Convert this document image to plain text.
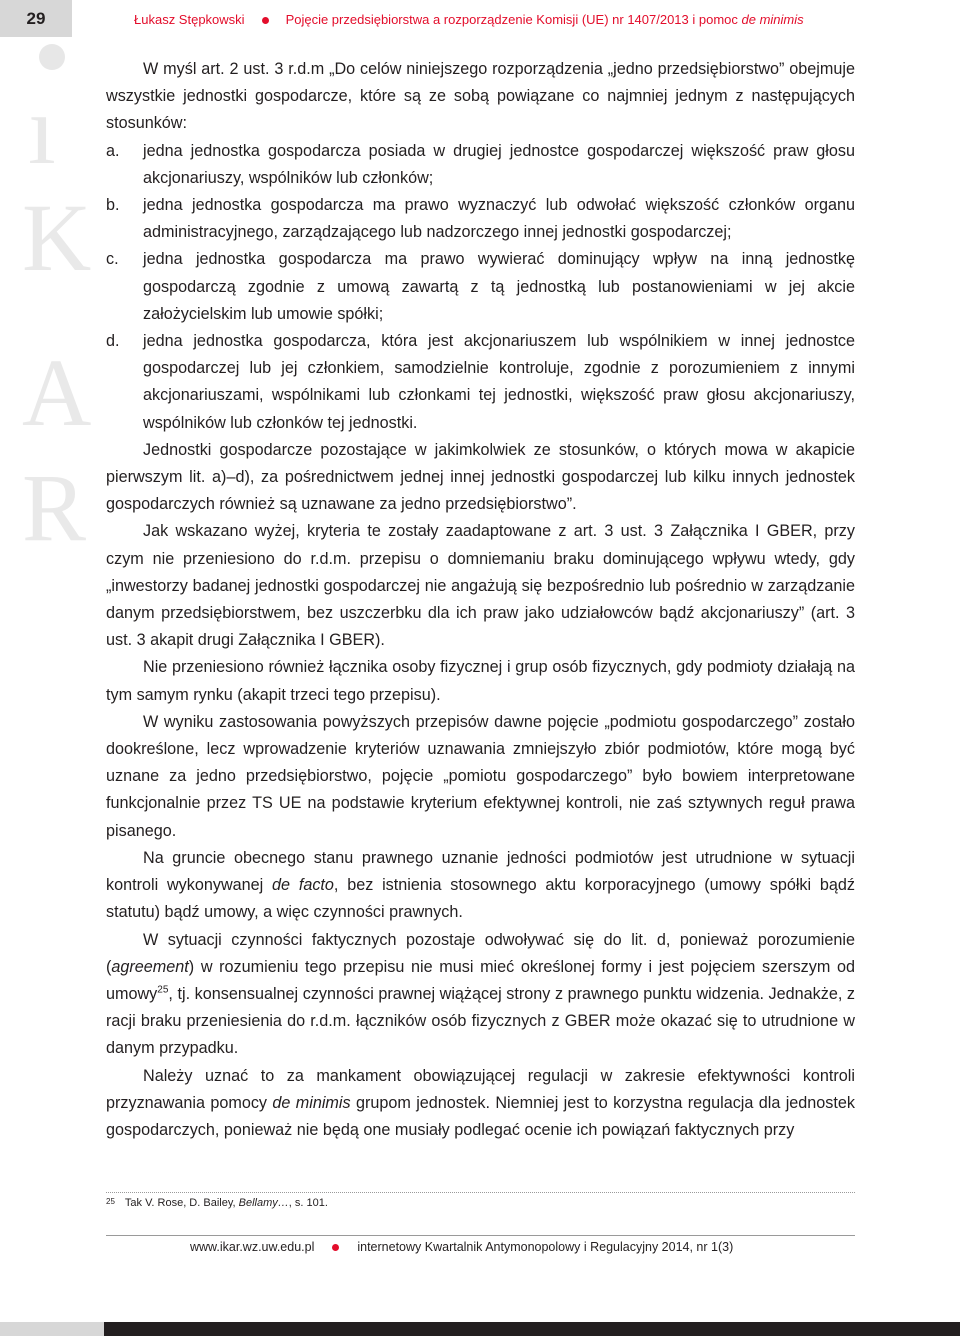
29	Łukasz Stępkowski	Pojęcie przedsiębiorstwa a rozporządzenie Komisji (UE) nr 1407/2013 i pomoc de minimis
ı
K
A
R

W myśl art. 2 ust. 3 r.d.m „Do celów niniejszego rozporządzenia „jedno przedsiębiorstwo” obejmuje wszystkie jednostki gospodarcze, które są ze sobą powiązane co najmniej jednym z następujących stosunków:

a.	jedna jednostka gospodarcza posiada w drugiej jednostce gospodarczej większość praw głosu akcjonariuszy, wspólników lub członków;
b.	jedna jednostka gospodarcza ma prawo wyznaczyć lub odwołać większość członków organu administracyjnego, zarządzającego lub nadzorczego innej jednostki gospodarczej;
c.	jedna jednostka gospodarcza ma prawo wywierać dominujący wpływ na inną jednostkę gospodarczą zgodnie z umową zawartą z tą jednostką lub postanowieniami w jej akcie założycielskim lub umowie spółki;
d.	jedna jednostka gospodarcza, która jest akcjonariuszem lub wspólnikiem w innej jednostce gospodarczej lub jej członkiem, samodzielnie kontroluje, zgodnie z porozumieniem z innymi akcjonariuszami, wspólnikami lub członkami tej jednostki, większość praw głosu akcjonariuszy, wspólników lub członków tej jednostki.

Jednostki gospodarcze pozostające w jakimkolwiek ze stosunków, o których mowa w akapicie pierwszym lit. a)–d), za pośrednictwem jednej innej jednostki gospodarczej lub kilku innych jednostek gospodarczych również są uznawane za jedno przedsiębiorstwo”.

Jak wskazano wyżej, kryteria te zostały zaadaptowane z art. 3 ust. 3 Załącznika I GBER, przy czym nie przeniesiono do r.d.m. przepisu o domniemaniu braku dominującego wpływu wtedy, gdy „inwestorzy badanej jednostki gospodarczej nie angażują się bezpośrednio lub pośrednio w zarządzanie danym przedsiębiorstwem, bez uszczerbku dla ich praw jako udziałowców bądź akcjonariuszy” (art. 3 ust. 3 akapit drugi Załącznika I GBER).

Nie przeniesiono również łącznika osoby fizycznej i grup osób fizycznych, gdy podmioty działają na tym samym rynku (akapit trzeci tego przepisu).

W wyniku zastosowania powyższych przepisów dawne pojęcie „podmiotu gospodarczego” zostało dookreślone, lecz wprowadzenie kryteriów uznawania zmniejszyło zbiór podmiotów, które mogą być uznane za jedno przedsiębiorstwo, pojęcie „pomiotu gospodarczego” było bowiem interpretowane funkcjonalnie przez TS UE na podstawie kryterium efektywnej kontroli, nie zaś sztywnych reguł prawa pisanego.

Na gruncie obecnego stanu prawnego uznanie jedności podmiotów jest utrudnione w sytuacji kontroli wykonywanej de facto, bez istnienia stosownego aktu korporacyjnego (umowy spółki bądź statutu) bądź umowy, a więc czynności prawnych.

W sytuacji czynności faktycznych pozostaje odwoływać się do lit. d, ponieważ porozumienie (agreement) w rozumieniu tego przepisu nie musi mieć określonej formy i jest pojęciem szerszym od umowy$^{25}$, tj. konsensualnej czynności prawnej wiążącej strony z prawnego punktu widzenia. Jednakże, z racji braku przeniesienia do r.d.m. łączników osób fizycznych z GBER może okazać się to utrudnione w danym przypadku.

Należy uznać to za mankament obowiązującej regulacji w zakresie efektywności kontroli przyznawania pomocy de minimis grupom jednostek. Niemniej jest to korzystna regulacja dla jednostek gospodarczych, ponieważ nie będą one musiały podlegać ocenie ich powiązań faktycznych przy

$^{25}$ Tak V. Rose, D. Bailey, Bellamy…, s. 101.
www.ikar.wz.uw.edu.pl	internetowy Kwartalnik Antymonopolowy i Regulacyjny 2014, nr 1(3)
